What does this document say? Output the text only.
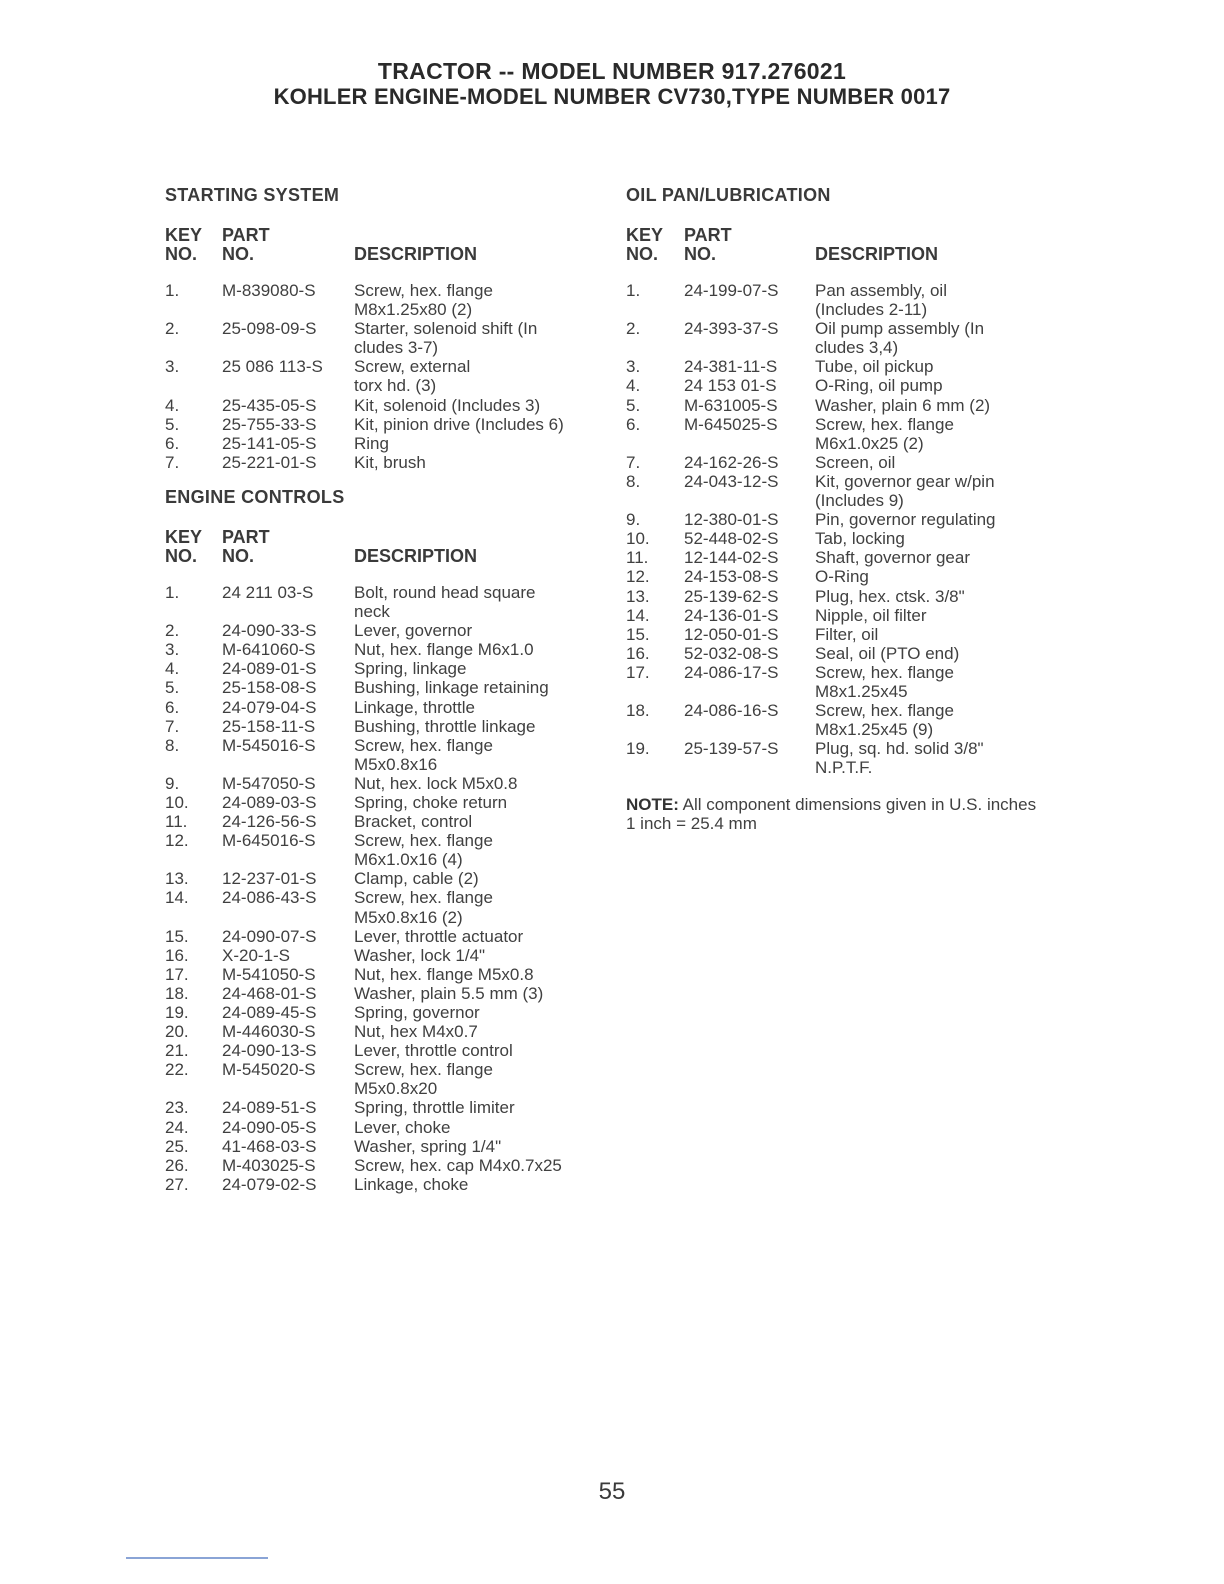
TRACTOR -- MODEL NUMBER 917.276021
KOHLER ENGINE-MODEL NUMBER CV730,TYPE NUMBER 0017
STARTING SYSTEM
KEY
NO.
PART
NO.	DESCRIPTION
1.	M-839080-S	Screw, hex. flange
M8x1.25x80 (2)
2.	25-098-09-S	Starter, solenoid shift (In
cludes 3-7)
3.	25 086 113-S	Screw, external
torx hd. (3)
4.	25-435-05-S	Kit, solenoid (Includes 3)
5.	25-755-33-S	Kit, pinion drive (Includes 6)
6.	25-141-05-S	Ring
7.	25-221-01-S	Kit, brush
ENGINE CONTROLS
KEY
NO.
PART
NO.	DESCRIPTION
1.	24 211 03-S	Bolt, round head square
neck
2.	24-090-33-S	Lever, governor
3.	M-641060-S	Nut, hex. flange M6x1.0
4.	24-089-01-S	Spring, linkage
5.	25-158-08-S	Bushing, linkage retaining
6.	24-079-04-S	Linkage, throttle
7.	25-158-11-S	Bushing, throttle linkage
8.	M-545016-S	Screw, hex. flange
M5x0.8x16
9.	M-547050-S	Nut, hex. lock M5x0.8
10.	24-089-03-S	Spring, choke return
11.	24-126-56-S	Bracket, control
12.	M-645016-S	Screw, hex. flange
M6x1.0x16 (4)
13.	12-237-01-S	Clamp, cable (2)
14.	24-086-43-S	Screw, hex. flange
M5x0.8x16 (2)
15.	24-090-07-S	Lever, throttle actuator
16.	X-20-1-S	Washer, lock 1/4"
17.	M-541050-S	Nut, hex. flange M5x0.8
18.	24-468-01-S	Washer, plain 5.5 mm (3)
19.	24-089-45-S	Spring, governor
20.	M-446030-S	Nut, hex M4x0.7
21.	24-090-13-S	Lever, throttle control
22.	M-545020-S	Screw, hex. flange
M5x0.8x20
23.	24-089-51-S	Spring, throttle limiter
24.	24-090-05-S	Lever, choke
25.	41-468-03-S	Washer, spring 1/4"
26.	M-403025-S	Screw, hex. cap M4x0.7x25
27.	24-079-02-S	Linkage, choke
OIL PAN/LUBRICATION
KEY
NO.
PART
NO.	DESCRIPTION
1.	24-199-07-S	Pan assembly, oil
(Includes 2-11)
2.	24-393-37-S	Oil pump assembly (In
cludes 3,4)
3.	24-381-11-S	Tube, oil pickup
4.	24 153 01-S	O-Ring, oil pump
5.	M-631005-S	Washer, plain 6 mm (2)
6.	M-645025-S	Screw, hex. flange
M6x1.0x25 (2)
7.	24-162-26-S	Screen, oil
8.	24-043-12-S	Kit, governor gear w/pin
(Includes 9)
9.	12-380-01-S	Pin, governor regulating
10.	52-448-02-S	Tab, locking
11.	12-144-02-S	Shaft, governor gear
12.	24-153-08-S	O-Ring
13.	25-139-62-S	Plug, hex. ctsk. 3/8"
14.	24-136-01-S	Nipple, oil filter
15.	12-050-01-S	Filter, oil
16.	52-032-08-S	Seal, oil (PTO end)
17.	24-086-17-S	Screw, hex. flange
M8x1.25x45
18.	24-086-16-S	Screw, hex. flange
M8x1.25x45 (9)
19.	25-139-57-S	Plug, sq. hd. solid 3/8"
N.P.T.F.
NOTE: All component dimensions given in U.S. inches 1 inch = 25.4 mm
55
